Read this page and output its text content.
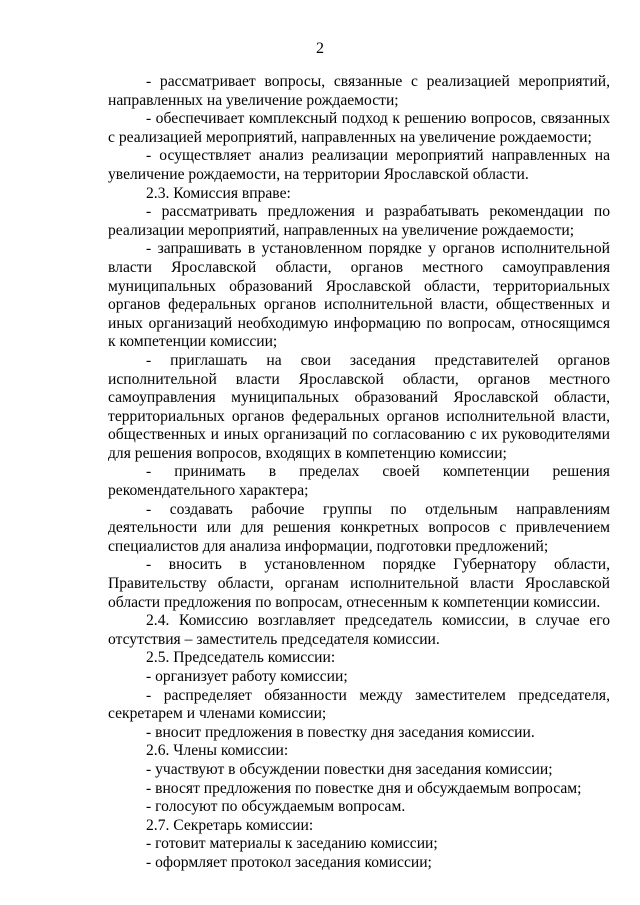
2

- рассматривает вопросы, связанные с реализацией мероприятий, направленных на увеличение рождаемости;

- обеспечивает комплексный подход к решению вопросов, связанных с реализацией мероприятий, направленных на увеличение рождаемости;

- осуществляет анализ реализации мероприятий направленных на увеличение рождаемости, на территории Ярославской области.

2.3. Комиссия вправе:

- рассматривать предложения и разрабатывать рекомендации по реализации мероприятий, направленных на увеличение рождаемости;

- запрашивать в установленном порядке у органов исполнительной власти Ярославской области, органов местного самоуправления муниципальных образований Ярославской области, территориальных органов федеральных органов исполнительной власти, общественных и иных организаций необходимую информацию по вопросам, относящимся к компетенции комиссии;

- приглашать на свои заседания представителей органов исполнительной власти Ярославской области, органов местного самоуправления муниципальных образований Ярославской области, территориальных органов федеральных органов исполнительной власти, общественных и иных организаций по согласованию с их руководителями для решения вопросов, входящих в компетенцию комиссии;

- принимать в пределах своей компетенции решения рекомендательного характера;

- создавать рабочие группы по отдельным направлениям деятельности или для решения конкретных вопросов с привлечением специалистов для анализа информации, подготовки предложений;

- вносить в установленном порядке Губернатору области, Правительству области, органам исполнительной власти Ярославской области предложения по вопросам, отнесенным к компетенции комиссии.

2.4. Комиссию возглавляет председатель комиссии, в случае его отсутствия – заместитель председателя комиссии.

2.5. Председатель комиссии:

- организует работу комиссии;

- распределяет обязанности между заместителем председателя, секретарем и членами комиссии;

- вносит предложения в повестку дня заседания комиссии.

2.6. Члены комиссии:

- участвуют в обсуждении повестки дня заседания комиссии;

- вносят предложения по повестке дня и обсуждаемым вопросам;

- голосуют по обсуждаемым вопросам.

2.7. Секретарь комиссии:

- готовит материалы к заседанию комиссии;

- оформляет протокол заседания комиссии;
